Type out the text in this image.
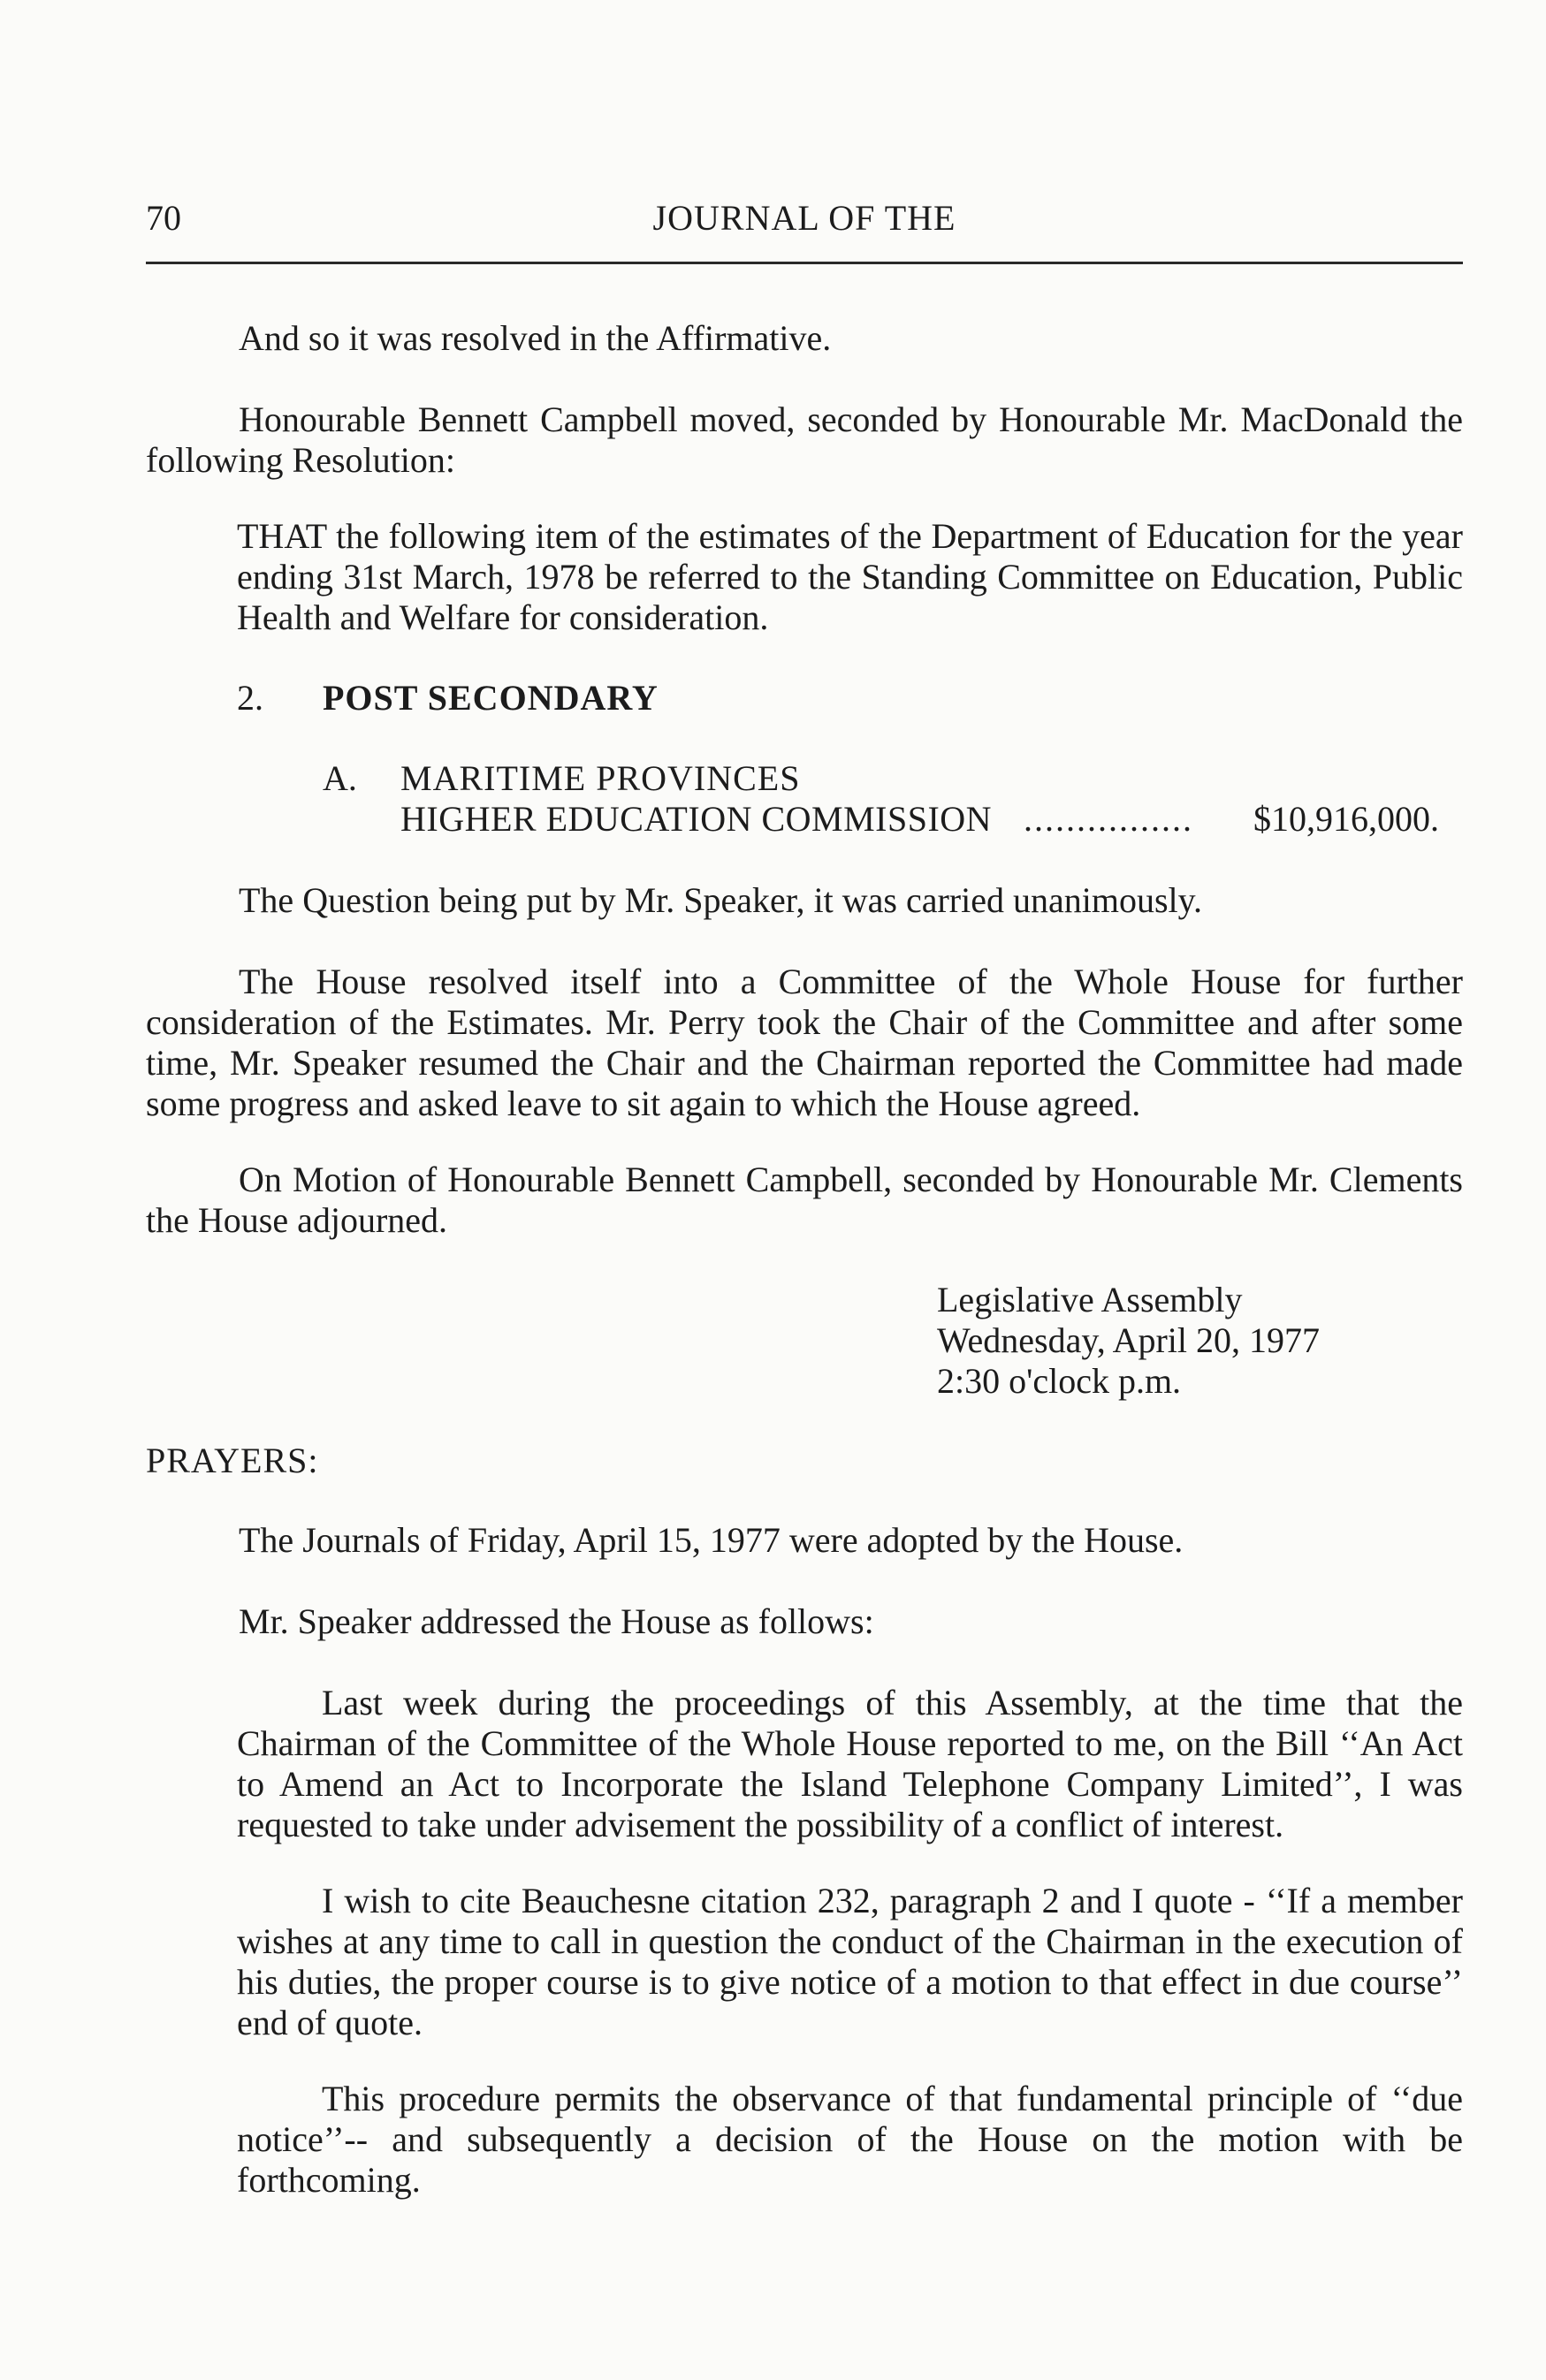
70	JOURNAL OF THE
And so it was resolved in the Affirmative.
Honourable Bennett Campbell moved, seconded by Honourable Mr. MacDonald the following Resolution:
THAT the following item of the estimates of the Department of Education for the year ending 31st March, 1978 be referred to the Standing Committee on Education, Public Health and Welfare for consideration.
2. POST SECONDARY
A. MARITIME PROVINCES
HIGHER EDUCATION COMMISSION ................ $10,916,000.
The Question being put by Mr. Speaker, it was carried unanimously.
The House resolved itself into a Committee of the Whole House for further consideration of the Estimates. Mr. Perry took the Chair of the Committee and after some time, Mr. Speaker resumed the Chair and the Chairman reported the Committee had made some progress and asked leave to sit again to which the House agreed.
On Motion of Honourable Bennett Campbell, seconded by Honourable Mr. Clements the House adjourned.
Legislative Assembly
Wednesday, April 20, 1977
2:30 o'clock p.m.
PRAYERS:
The Journals of Friday, April 15, 1977 were adopted by the House.
Mr. Speaker addressed the House as follows:
Last week during the proceedings of this Assembly, at the time that the Chairman of the Committee of the Whole House reported to me, on the Bill ‘‘An Act to Amend an Act to Incorporate the Island Telephone Company Limited’’, I was requested to take under advisement the possibility of a conflict of interest.
I wish to cite Beauchesne citation 232, paragraph 2 and I quote - ‘‘If a member wishes at any time to call in question the conduct of the Chairman in the execution of his duties, the proper course is to give notice of a motion to that effect in due course’’ end of quote.
This procedure permits the observance of that fundamental principle of ‘‘due notice’’-- and subsequently a decision of the House on the motion with be forthcoming.
